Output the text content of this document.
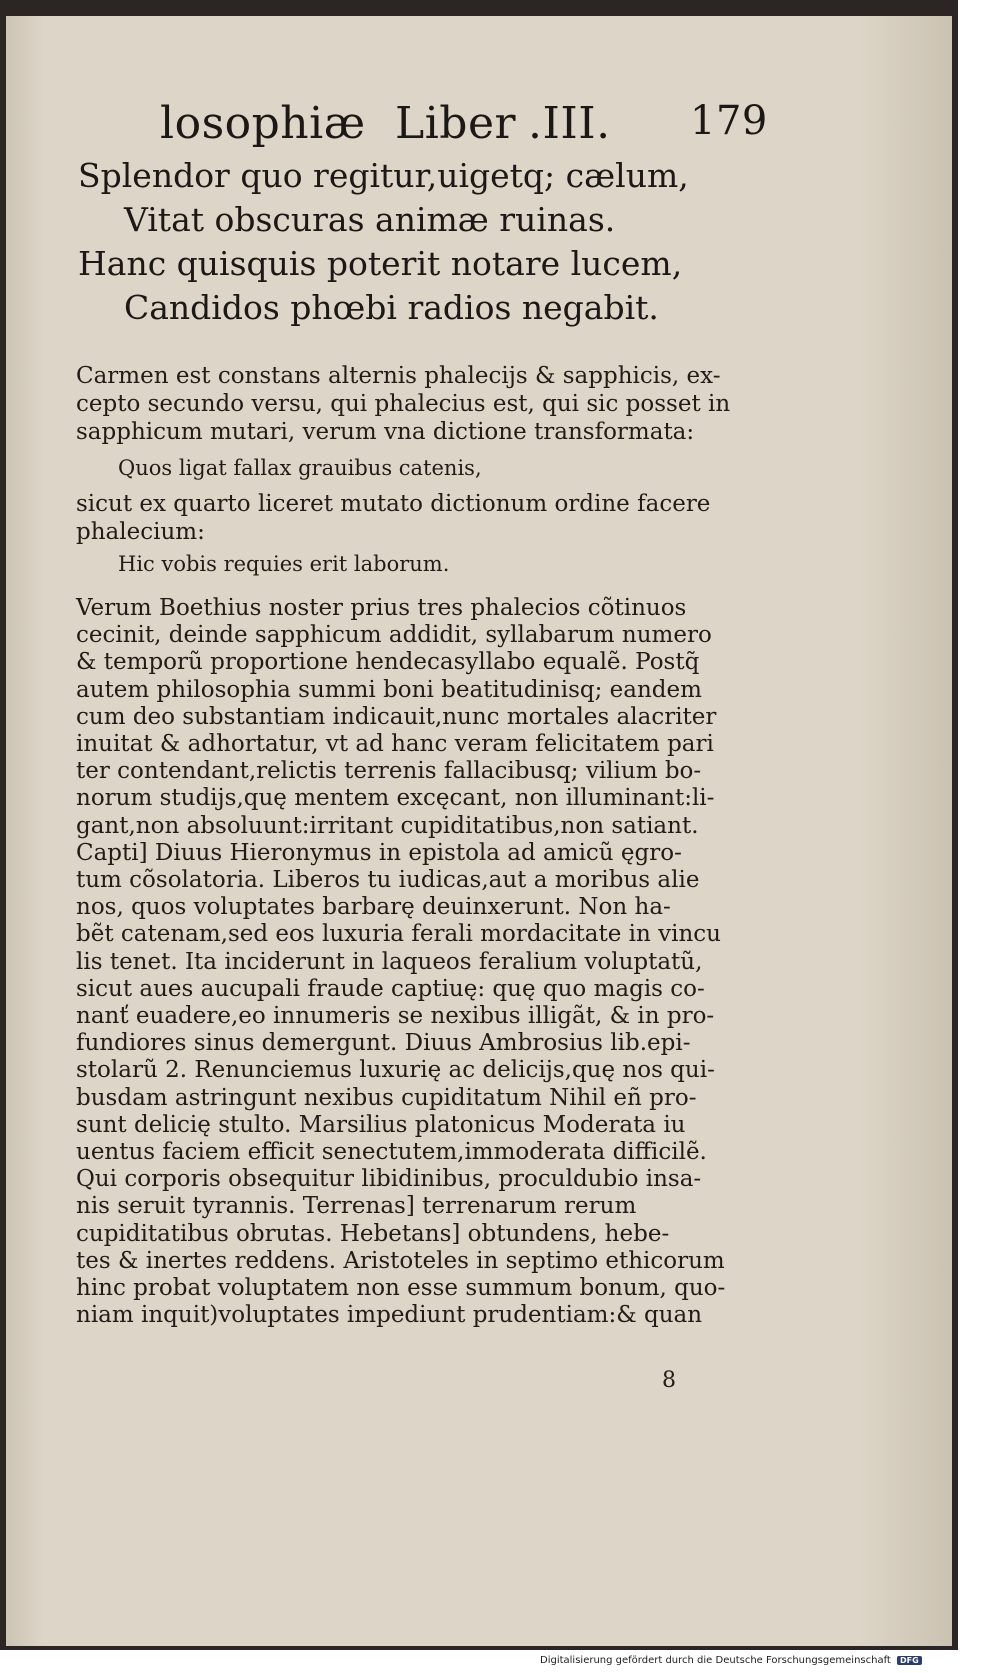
losophiæ Liber .III. 179
Splendor quo regitur,uigetq; cælum,
Vitat obscuras animæ ruinas.
Hanc quisquis poterit notare lucem,
Candidos phœbi radios negabit.
Carmen est constans alternis phalecijs & sapphicis, ex-
cepto secundo versu, qui phalecius est, qui sic posset in
sapphicum mutari, verum vna dictione transformata:
Quos ligat fallax grauibus catenis,
sicut ex quarto liceret mutato dictionum ordine facere
phalecium:
Hic vobis requies erit laborum.
Verum Boethius noster prius tres phalecios cõtinuos
cecinit, deinde sapphicum addidit, syllabarum numero
& temporũ proportione hendecasyllabo equalẽ. Postq̃
autem philosophia summi boni beatitudinisq; eandem
cum deo substantiam indicauit,nunc mortales alacriter
inuitat & adhortatur, vt ad hanc veram felicitatem pari
ter contendant,relictis terrenis fallacibusq; vilium bo-
norum studijs,quę mentem excęcant, non illuminant:li-
gant,non absoluunt:irritant cupiditatibus,non satiant.
Capti] Diuus Hieronymus in epistola ad amicũ ęgro-
tum cõsolatoria. Liberos tu iudicas,aut a moribus alie
nos, quos voluptates barbarę deuinxerunt. Non ha-
bẽt catenam,sed eos luxuria ferali mordacitate in vincu
lis tenet. Ita inciderunt in laqueos feralium voluptatũ,
sicut aues aucupali fraude captiuę: quę quo magis co-
nanť euadere,eo innumeris se nexibus illigãt, & in pro-
fundiores sinus demergunt. Diuus Ambrosius lib.epi-
stolarũ 2. Renunciemus luxurię ac delicijs,quę nos qui-
busdam astringunt nexibus cupiditatum Nihil eñ pro-
sunt delicię stulto. Marsilius platonicus Moderata iu
uentus faciem efficit senectutem,immoderata difficilẽ.
Qui corporis obsequitur libidinibus, proculdubio insa-
nis seruit tyrannis. Terrenas] terrenarum rerum
cupiditatibus obrutas. Hebetans] obtundens, hebe-
tes & inertes reddens. Aristoteles in septimo ethicorum
hinc probat voluptatem non esse summum bonum, quo-
niam inquit)voluptates impediunt prudentiam:& quan
8
Digitalisierung gefördert durch die Deutsche Forschungsgemeinschaft DFG
